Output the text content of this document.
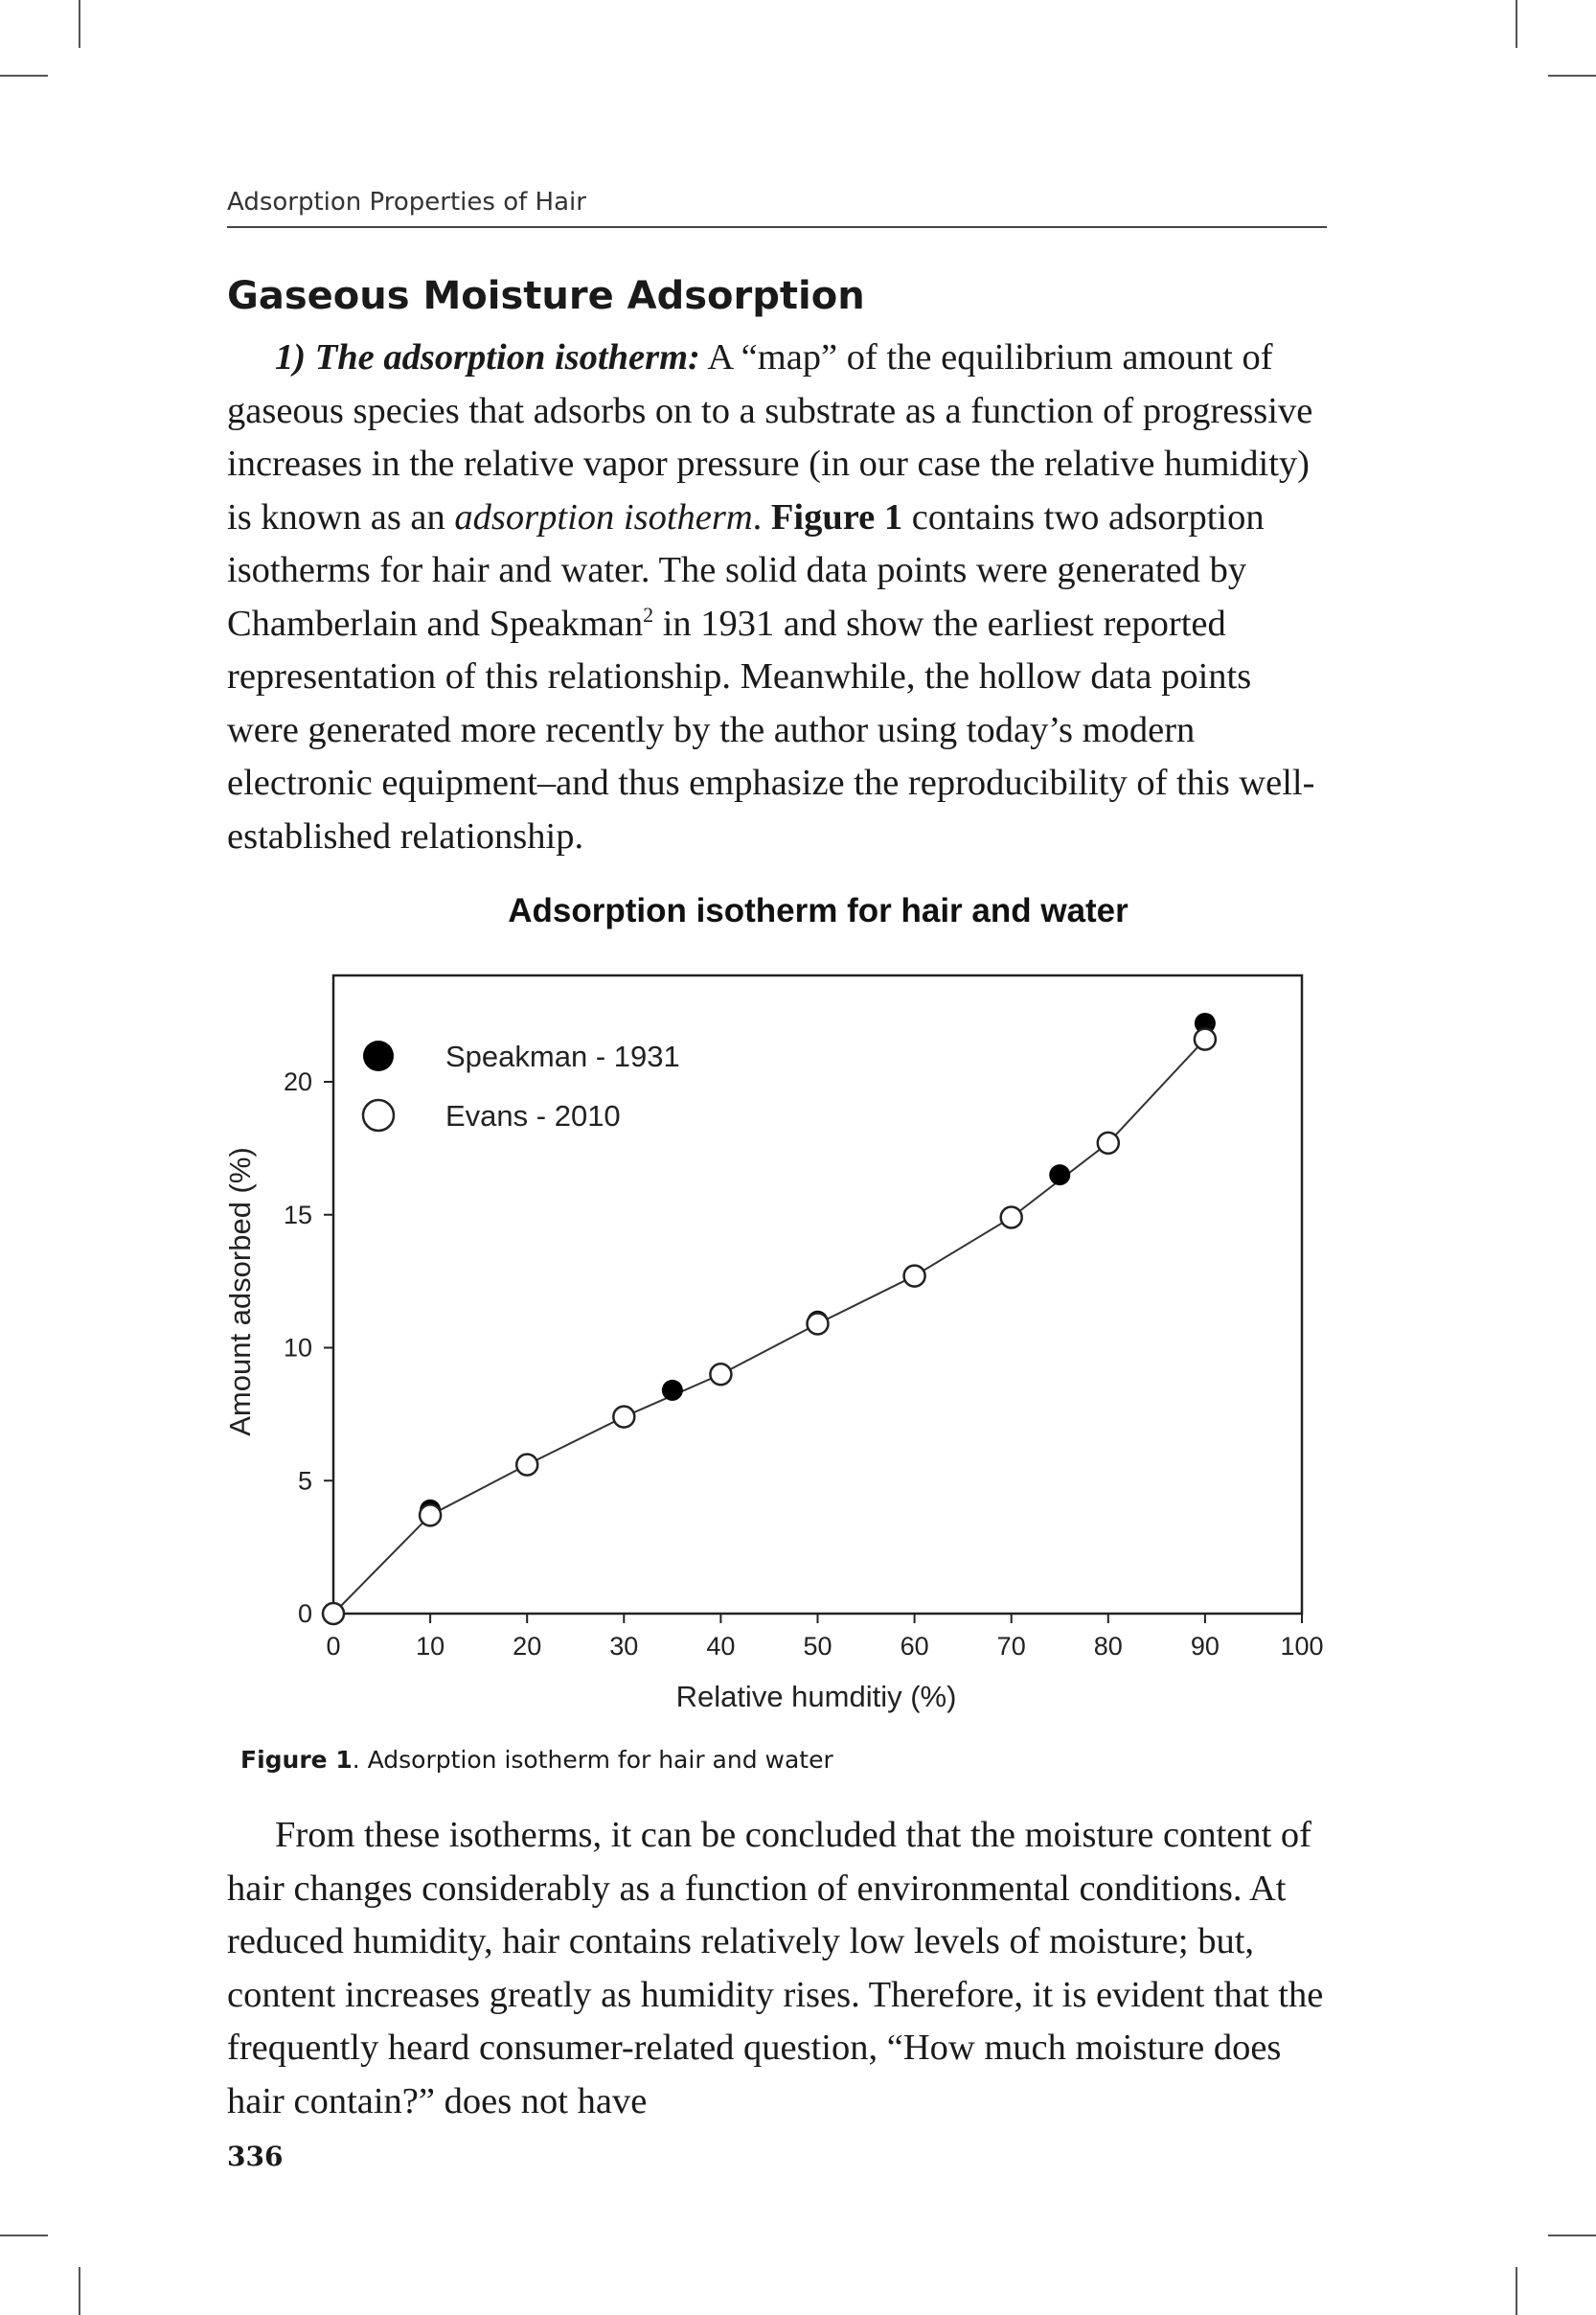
Adsorption Properties of Hair
Gaseous Moisture Adsorption

1) The adsorption isotherm: A “map” of the equilibrium amount of gaseous species that adsorbs on to a substrate as a function of progressive increases in the relative vapor pressure (in our case the relative humidity) is known as an adsorption isotherm. Figure 1 contains two adsorption isotherms for hair and water. The solid data points were generated by Chamberlain and Speakman$^2$ in 1931 and show the earliest reported representation of this relationship. Meanwhile, the hollow data points were generated more recently by the author using today’s modern electronic equipment–and thus emphasize the reproducibility of this well-established relationship.

Adsorption isotherm for hair and water
0	10	20	30	40	50	60	70	80	90 100
0
5
10
15
20
Relative humditiy (%)
Amount adsorbed (%)
Speakman - 1931
Evans - 2010
Figure 1. Adsorption isotherm for hair and water

From these isotherms, it can be concluded that the moisture content of hair changes considerably as a function of environmental conditions. At reduced humidity, hair contains relatively low levels of moisture; but, content increases greatly as humidity rises. Therefore, it is evident that the frequently heard consumer-related question, “How much moisture does hair contain?” does not have

336
